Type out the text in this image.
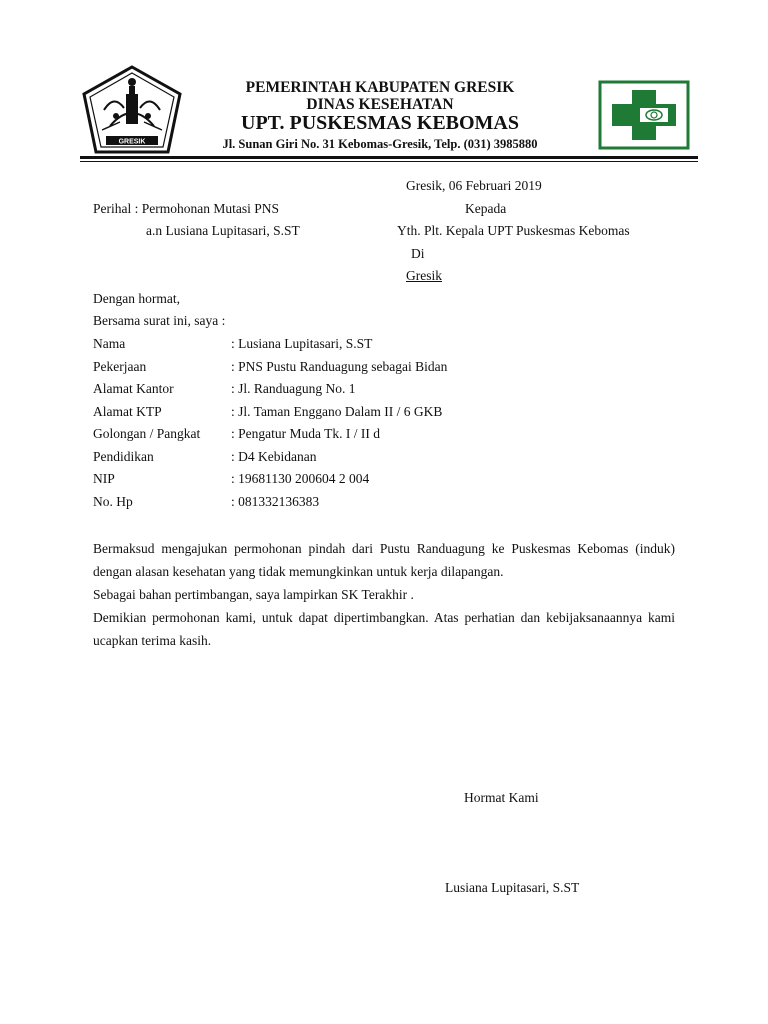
GRESIK
PEMERINTAH KABUPATEN GRESIK
DINAS KESEHATAN
UPT. PUSKESMAS KEBOMAS
Jl. Sunan Giri No. 31 Kebomas-Gresik, Telp. (031) 3985880
Gresik, 06 Februari 2019
Kepada
Yth. Plt. Kepala UPT Puskesmas Kebomas
Di
Gresik
Perihal : Permohonan Mutasi PNS
a.n Lusiana Lupitasari, S.ST
Dengan hormat,
Bersama surat ini, saya :
Nama	: Lusiana Lupitasari, S.ST
Pekerjaan	: PNS Pustu Randuagung sebagai Bidan
Alamat Kantor	: Jl. Randuagung No. 1
Alamat KTP	: Jl. Taman Enggano Dalam II / 6 GKB
Golongan / Pangkat : Pengatur Muda Tk. I / II d
Pendidikan	: D4 Kebidanan
NIP	: 19681130 200604 2 004
No. Hp	: 081332136383
Bermaksud mengajukan permohonan pindah dari Pustu Randuagung ke Puskesmas Kebomas (induk) dengan alasan kesehatan yang tidak memungkinkan untuk kerja dilapangan.
Sebagai bahan pertimbangan, saya lampirkan SK Terakhir .
Demikian permohonan kami, untuk dapat dipertimbangkan. Atas perhatian dan kebijaksanaannya kami ucapkan terima kasih.
Hormat Kami
Lusiana Lupitasari, S.ST
